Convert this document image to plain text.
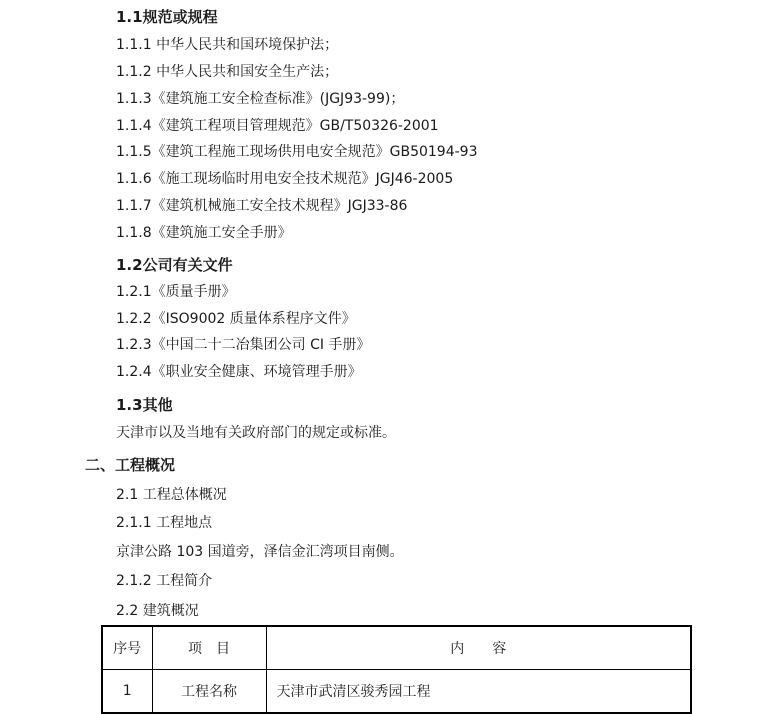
1.1规范或规程
1.1.1 中华人民共和国环境保护法；
1.1.2 中华人民共和国安全生产法；
1.1.3《建筑施工安全检查标准》(JGJ93-99)；
1.1.4《建筑工程项目管理规范》GB/T50326-2001
1.1.5《建筑工程施工现场供用电安全规范》GB50194-93
1.1.6《施工现场临时用电安全技术规范》JGJ46-2005
1.1.7《建筑机械施工安全技术规程》JGJ33-86
1.1.8《建筑施工安全手册》
1.2公司有关文件
1.2.1《质量手册》
1.2.2《ISO9002 质量体系程序文件》
1.2.3《中国二十二冶集团公司 CI 手册》
1.2.4《职业安全健康、环境管理手册》
1.3其他
天津市以及当地有关政府部门的规定或标准。
二、工程概况
2.1 工程总体概况
2.1.1 工程地点
京津公路 103 国道旁，泽信金汇湾项目南侧。
2.1.2 工程简介
2.2 建筑概况
序号	项　目	内　　容
1	工程名称	天津市武清区骏秀园工程
